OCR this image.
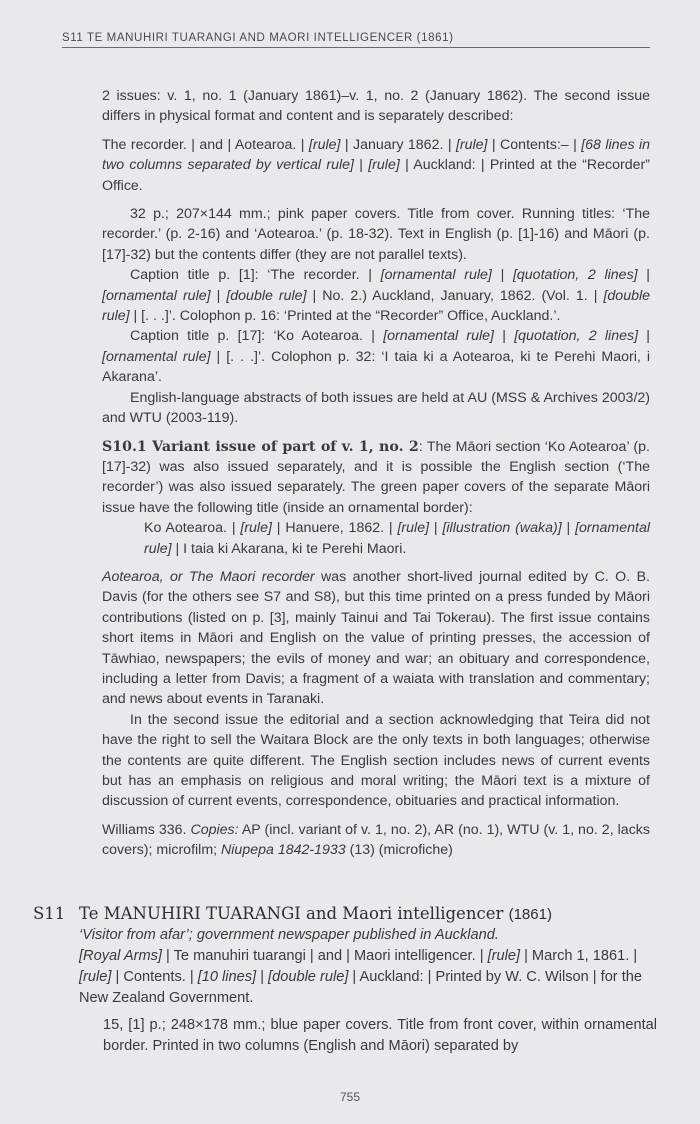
S11 TE MANUHIRI TUARANGI AND MAORI INTELLIGENCER (1861)

2 issues: v. 1, no. 1 (January 1861)–v. 1, no. 2 (January 1862). The second issue differs in physical format and content and is separately described:

The recorder. | and | Aotearoa. | [rule] | January 1862. | [rule] | Contents:– | [68 lines in two columns separated by vertical rule] | [rule] | Auckland: | Printed at the “Recorder” Office.

32 p.; 207×144 mm.; pink paper covers. Title from cover. Running titles: ‘The recorder.’ (p. 2-16) and ‘Aotearoa.’ (p. 18-32). Text in English (p. [1]-16) and Māori (p. [17]-32) but the contents differ (they are not parallel texts).

Caption title p. [1]: ‘The recorder. | [ornamental rule] | [quotation, 2 lines] | [ornamental rule] | [double rule] | No. 2.) Auckland, January, 1862. (Vol. 1. | [double rule] | [. . .]’. Colophon p. 16: ‘Printed at the “Recorder” Office, Auckland.’.

Caption title p. [17]: ‘Ko Aotearoa. | [ornamental rule] | [quotation, 2 lines] | [ornamental rule] | [. . .]’. Colophon p. 32: ‘I taia ki a Aotearoa, ki te Perehi Maori, i Akarana’.

English-language abstracts of both issues are held at AU (MSS & Archives 2003/2) and WTU (2003-119).

S10.1 Variant issue of part of v. 1, no. 2: The Māori section ‘Ko Aotearoa’ (p. [17]-32) was also issued separately, and it is possible the English section (‘The recorder’) was also issued separately. The green paper covers of the separate Māori issue have the following title (inside an ornamental border):

Ko Aotearoa. | [rule] | Hanuere, 1862. | [rule] | [illustration (waka)] | [ornamental rule] | I taia ki Akarana, ki te Perehi Maori.

Aotearoa, or The Maori recorder was another short-lived journal edited by C. O. B. Davis (for the others see S7 and S8), but this time printed on a press funded by Māori contributions (listed on p. [3], mainly Tainui and Tai Tokerau). The first issue contains short items in Māori and English on the value of printing presses, the accession of Tāwhiao, newspapers; the evils of money and war; an obituary and correspondence, including a letter from Davis; a fragment of a waiata with translation and commentary; and news about events in Taranaki.

In the second issue the editorial and a section acknowledging that Teira did not have the right to sell the Waitara Block are the only texts in both languages; otherwise the contents are quite different. The English section includes news of current events but has an emphasis on religious and moral writing; the Māori text is a mixture of discussion of current events, correspondence, obituaries and practical information.

Williams 336. Copies: AP (incl. variant of v. 1, no. 2), AR (no. 1), WTU (v. 1, no. 2, lacks covers); microfilm; Niupepa 1842-1933 (13) (microfiche)

S11 Te MANUHIRI TUARANGI and Maori intelligencer (1861)

‘Visitor from afar’; government newspaper published in Auckland.

[Royal Arms] | Te manuhiri tuarangi | and | Maori intelligencer. | [rule] | March 1, 1861. | [rule] | Contents. | [10 lines] | [double rule] | Auckland: | Printed by W. C. Wilson | for the New Zealand Government.

15, [1] p.; 248×178 mm.; blue paper covers. Title from front cover, within ornamental border. Printed in two columns (English and Māori) separated by

755
